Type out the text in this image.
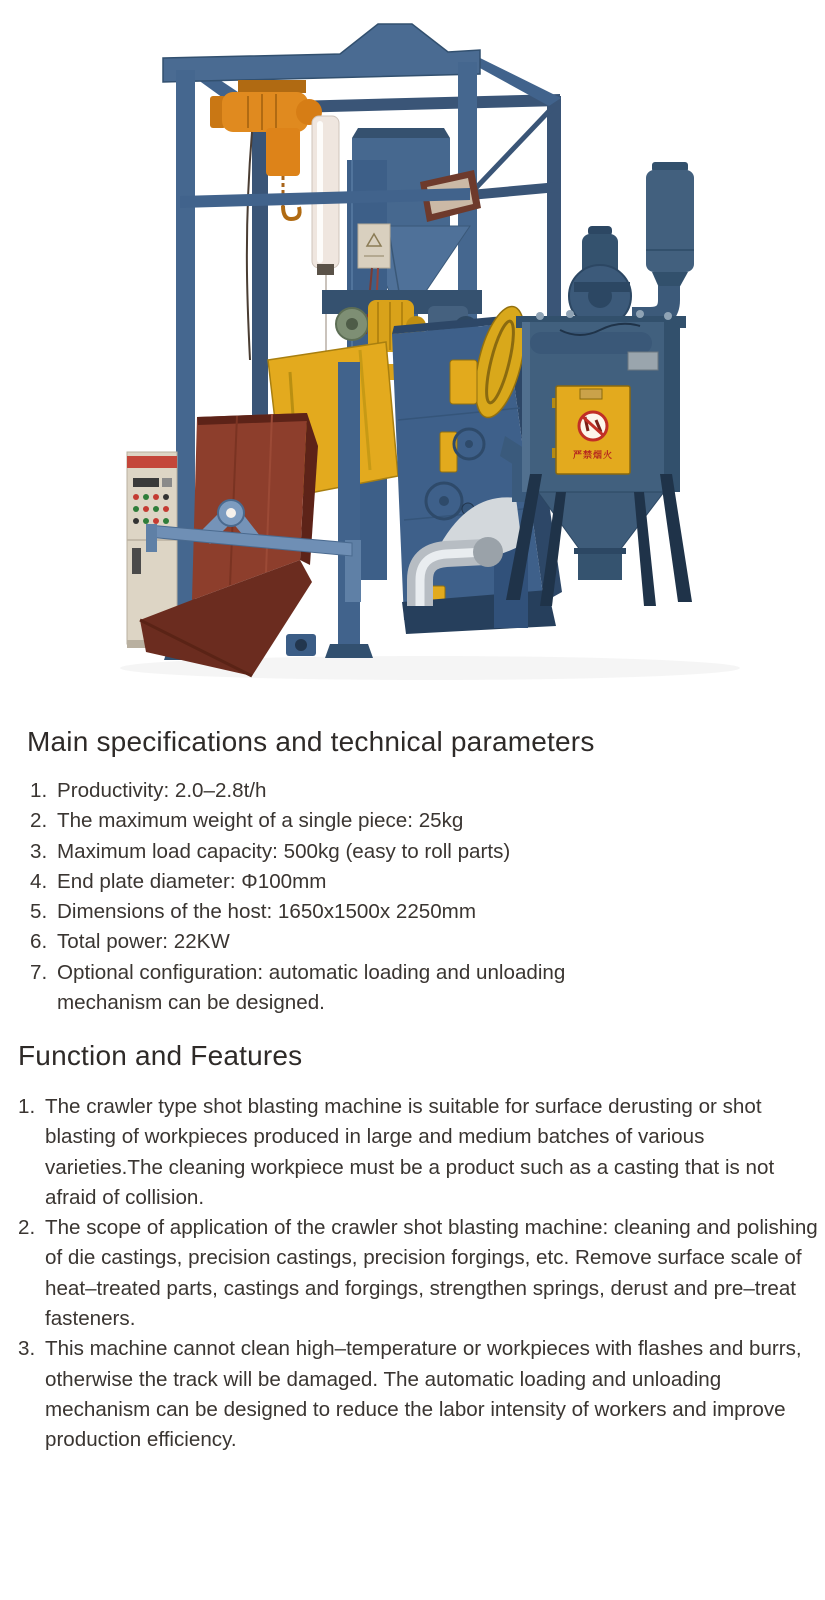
严禁烟火
Main specifications and technical parameters
Productivity: 2.0–2.8t/h
The maximum weight of a single piece: 25kg
Maximum load capacity: 500kg (easy to roll parts)
End plate diameter: Φ100mm
Dimensions of the host: 1650x1500x 2250mm
Total power: 22KW
Optional configuration: automatic loading and unloading mechanism can be designed.
Function and Features
The crawler type shot blasting machine is suitable for surface derusting or shot blasting of workpieces produced in large and medium batches of various varieties.The cleaning workpiece must be a product such as a casting that is not afraid of collision.
The scope of application of the crawler shot blasting machine: cleaning and polishing of die castings, precision castings, precision forgings, etc. Remove surface scale of heat–treated parts, castings and forgings, strengthen springs, derust and pre–treat fasteners.
This machine cannot clean high–temperature or workpieces with flashes and burrs, otherwise the track will be damaged. The automatic loading and unloading mechanism can be designed to reduce the labor intensity of workers and improve production efficiency.
